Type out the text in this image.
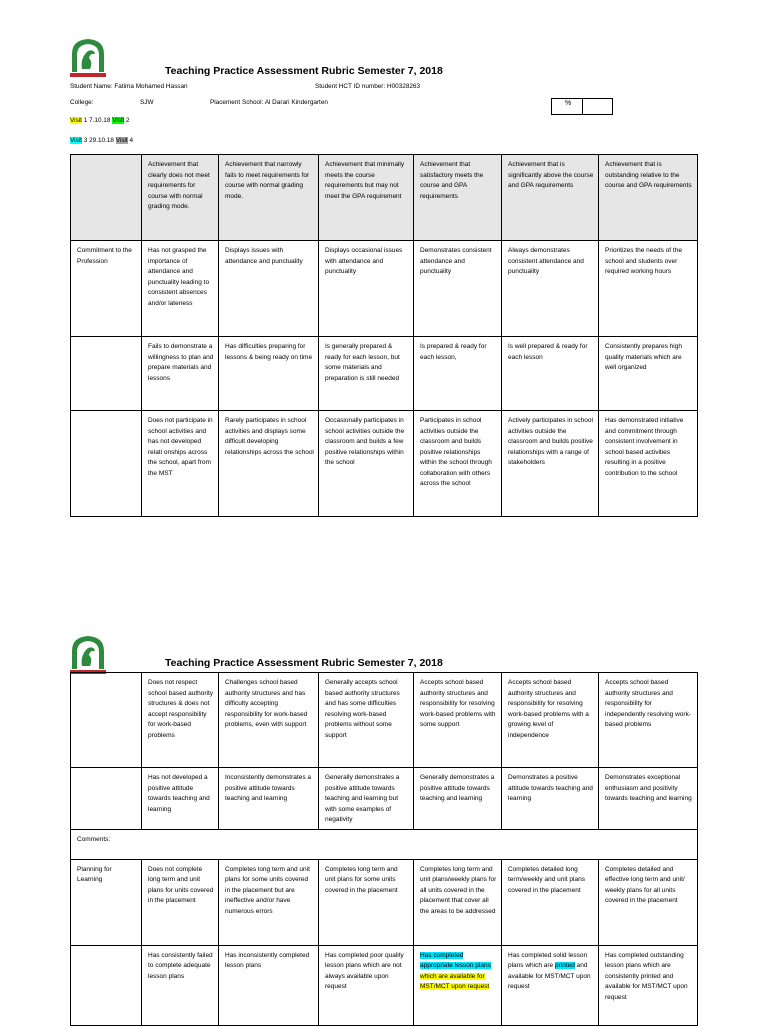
Teaching Practice Assessment Rubric Semester 7, 2018
Student Name: Fatima Mohamed Hassan	Student HCT ID number: H00328263
College:	SJW	Placement School: Al Darari Kindergarten	%
Visit 1 7.10.18 Visit 2
Visit 3 29.10.18 Visit 4
	Achievement that clearly does not meet requirements for course with normal grading mode.	Achievement that narrowly fails to meet requirements for course with normal grading mode.	Achievement that minimally meets the course requirements but may not meet the GPA requirement	Achievement that satisfactory meets the course and GPA requirements	Achievement that is significantly above the course and GPA requirements	Achievement that is outstanding relative to the course and GPA requirements
Commitment to the Profession	Has not grasped the importance of attendance and punctuality leading to consistent absences and/or lateness	Displays issues with attendance and punctuality	Displays occasional issues with attendance and punctuality	Demonstrates consistent attendance and punctuality	Always demonstrates consistent attendance and punctuality	Prioritizes the needs of the school and students over required working hours
	Fails to demonstrate a willingness to plan and prepare materials and lessons	Has difficulties preparing for lessons & being ready on time	Is generally prepared & ready for each lesson, but some materials and preparation is still needed	Is prepared & ready for each lesson,	Is well prepared & ready for each lesson	Consistently prepares high quality materials which are well organized
	Does not participate in school activities and has not developed relati onships across the school, apart from the MST	Rarely participates in school activities and displays some difficult developing relationships across the school	Occasionally participates in school activities outside the classroom and builds a few positive relationships within the school	Participates in school activities outside the classroom and builds positive relationships within the school through collaboration with others across the school	Actively participates in school activities outside the classroom and builds positive relationships with a range of stakeholders	Has demonstrated initiative and commitment through consistent involvement in school based activities resulting in a positive contribution to the school
Teaching Practice Assessment Rubric Semester 7, 2018
	Does not respect school based authority structures & does not accept responsibility for work-based problems	Challenges school based authority structures and has difficulty accepting responsibility for work-based problems, even with support	Generally accepts school based authority structures and has some difficulties resolving work-based problems without some support	Accepts school based authority structures and responsibility for resolving work-based problems with some support	Accepts school based authority structures and responsibility for resolving work-based problems with a growing level of independence	Accepts school based authority structures and responsibility for independently resolving work-based problems
	Has not developed a positive attitude towards teaching and learning	Inconsistently demonstrates a positive attitude towards teaching and learning	Generally demonstrates a positive attitude towards teaching and learning but with some examples of negativity	Generally demonstrates a positive attitude towards teaching and learning	Demonstrates a positive attitude towards teaching and learning	Demonstrates exceptional enthusiasm and positivity towards teaching and learning
Comments:						
Planning for Learning	Does not complete long term and unit plans for units covered in the placement	Completes long term and unit plans for some units covered in the placement but are ineffective and/or have numerous errors	Completes long term and unit plans for some units covered in the placement	Completes long term and unit plans/weekly plans for all units covered in the placement that cover all the areas to be addressed	Completes detailed long term/weekly and unit plans covered in the placement	Completes detailed and effective long term and unit/ weekly plans for all units covered in the placement
	Has consistently failed to complete adequate lesson plans	Has inconsistently completed lesson plans	Has completed poor quality lesson plans which are not always available upon request	Has completed appropriate lesson plans which are available for MST/MCT upon request	Has completed solid lesson plans which are printed and available for MST/MCT upon request	Has completed outstanding lesson plans which are consistently printed and available for MST/MCT upon request
